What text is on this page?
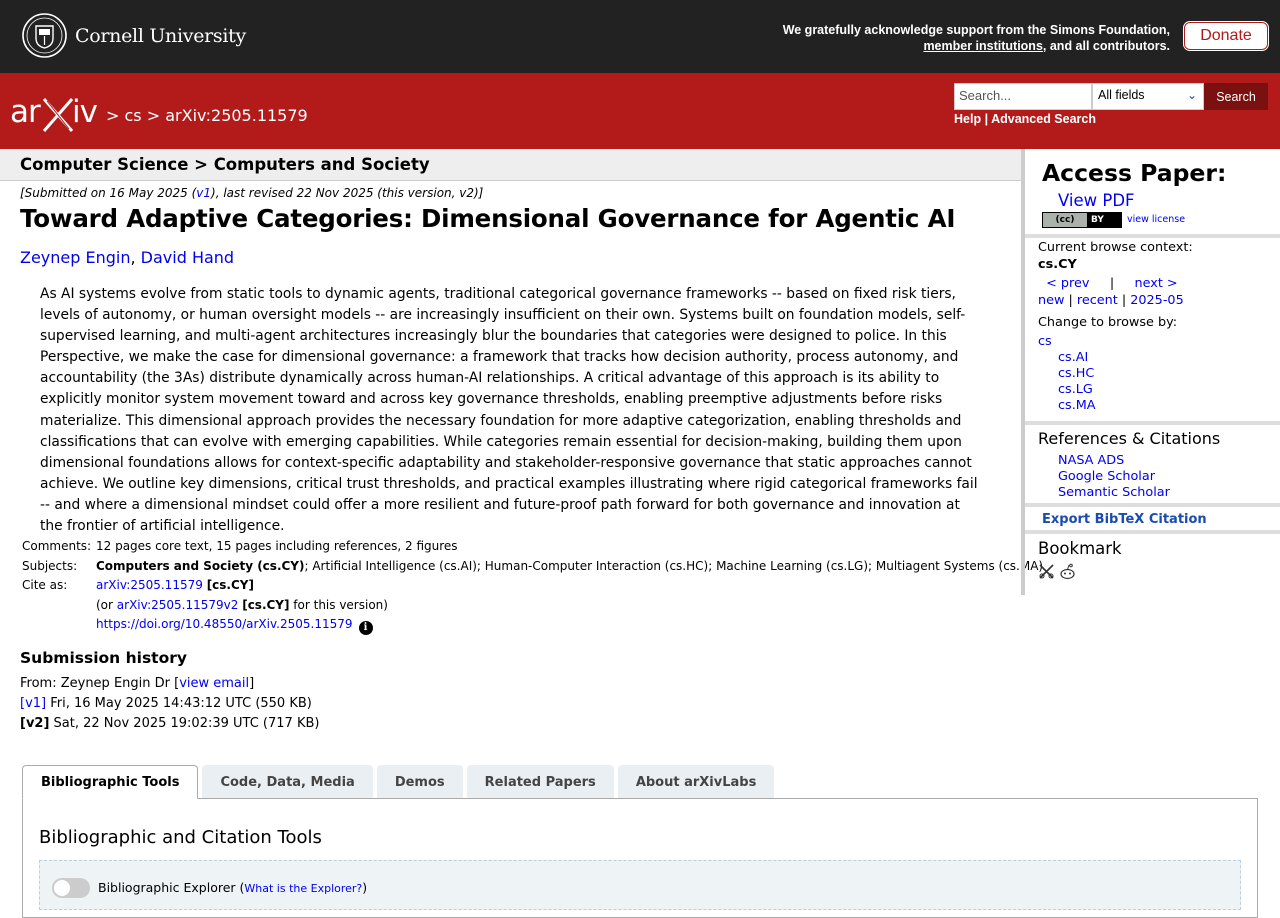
Cornell University	We gratefully acknowledge support from the Simons Foundation,
member institutions, and all contributors.
Donate
ar iv > cs > arXiv:2505.11579
Search...	All fields	⌄	Search
Help | Advanced Search
Computer Science > Computers and Society
[Submitted on 16 May 2025 (v1), last revised 22 Nov 2025 (this version, v2)]
Toward Adaptive Categories: Dimensional Governance for Agentic AI
Zeynep Engin, David Hand

As AI systems evolve from static tools to dynamic agents, traditional categorical governance frameworks -- based on fixed risk tiers, levels of autonomy, or human oversight models -- are increasingly insufficient on their own. Systems built on foundation models, self-supervised learning, and multi-agent architectures increasingly blur the boundaries that categories were designed to police. In this Perspective, we make the case for dimensional governance: a framework that tracks how decision authority, process autonomy, and accountability (the 3As) distribute dynamically across human-AI relationships. A critical advantage of this approach is its ability to explicitly monitor system movement toward and across key governance thresholds, enabling preemptive adjustments before risks materialize. This dimensional approach provides the necessary foundation for more adaptive categorization, enabling thresholds and classifications that can evolve with emerging capabilities. While categories remain essential for decision-making, building them upon dimensional foundations allows for context-specific adaptability and stakeholder-responsive governance that static approaches cannot achieve. We outline key dimensions, critical trust thresholds, and practical examples illustrating where rigid categorical frameworks fail -- and where a dimensional mindset could offer a more resilient and future-proof path forward for both governance and innovation at the frontier of artificial intelligence.

Comments:	12 pages core text, 15 pages including references, 2 figures
Subjects:	Computers and Society (cs.CY); Artificial Intelligence (cs.AI); Human-Computer Interaction (cs.HC); Machine Learning (cs.LG); Multiagent Systems (cs.MA)
Cite as:	arXiv:2505.11579 [cs.CY]
	(or arXiv:2505.11579v2 [cs.CY] for this version)
	https://doi.org/10.48550/arXiv.2505.11579 i
Submission history
From: Zeynep Engin Dr [view email]
[v1] Fri, 16 May 2025 14:43:12 UTC (550 KB)
[v2] Sat, 22 Nov 2025 19:02:39 UTC (717 KB)
Bibliographic Tools	Code, Data, Media	Demos	Related Papers	About arXivLabs
Bibliographic and Citation Tools
Bibliographic Explorer (What is the Explorer?)
Access Paper:
View PDF
(cc)	BY view license
Current browse context:
cs.CY
< prev | next >
new | recent | 2025-05
Change to browse by:
cs
cs.AI
cs.HC
cs.LG
cs.MA
References & Citations
NASA ADS
Google Scholar
Semantic Scholar
Export BibTeX Citation
Bookmark
